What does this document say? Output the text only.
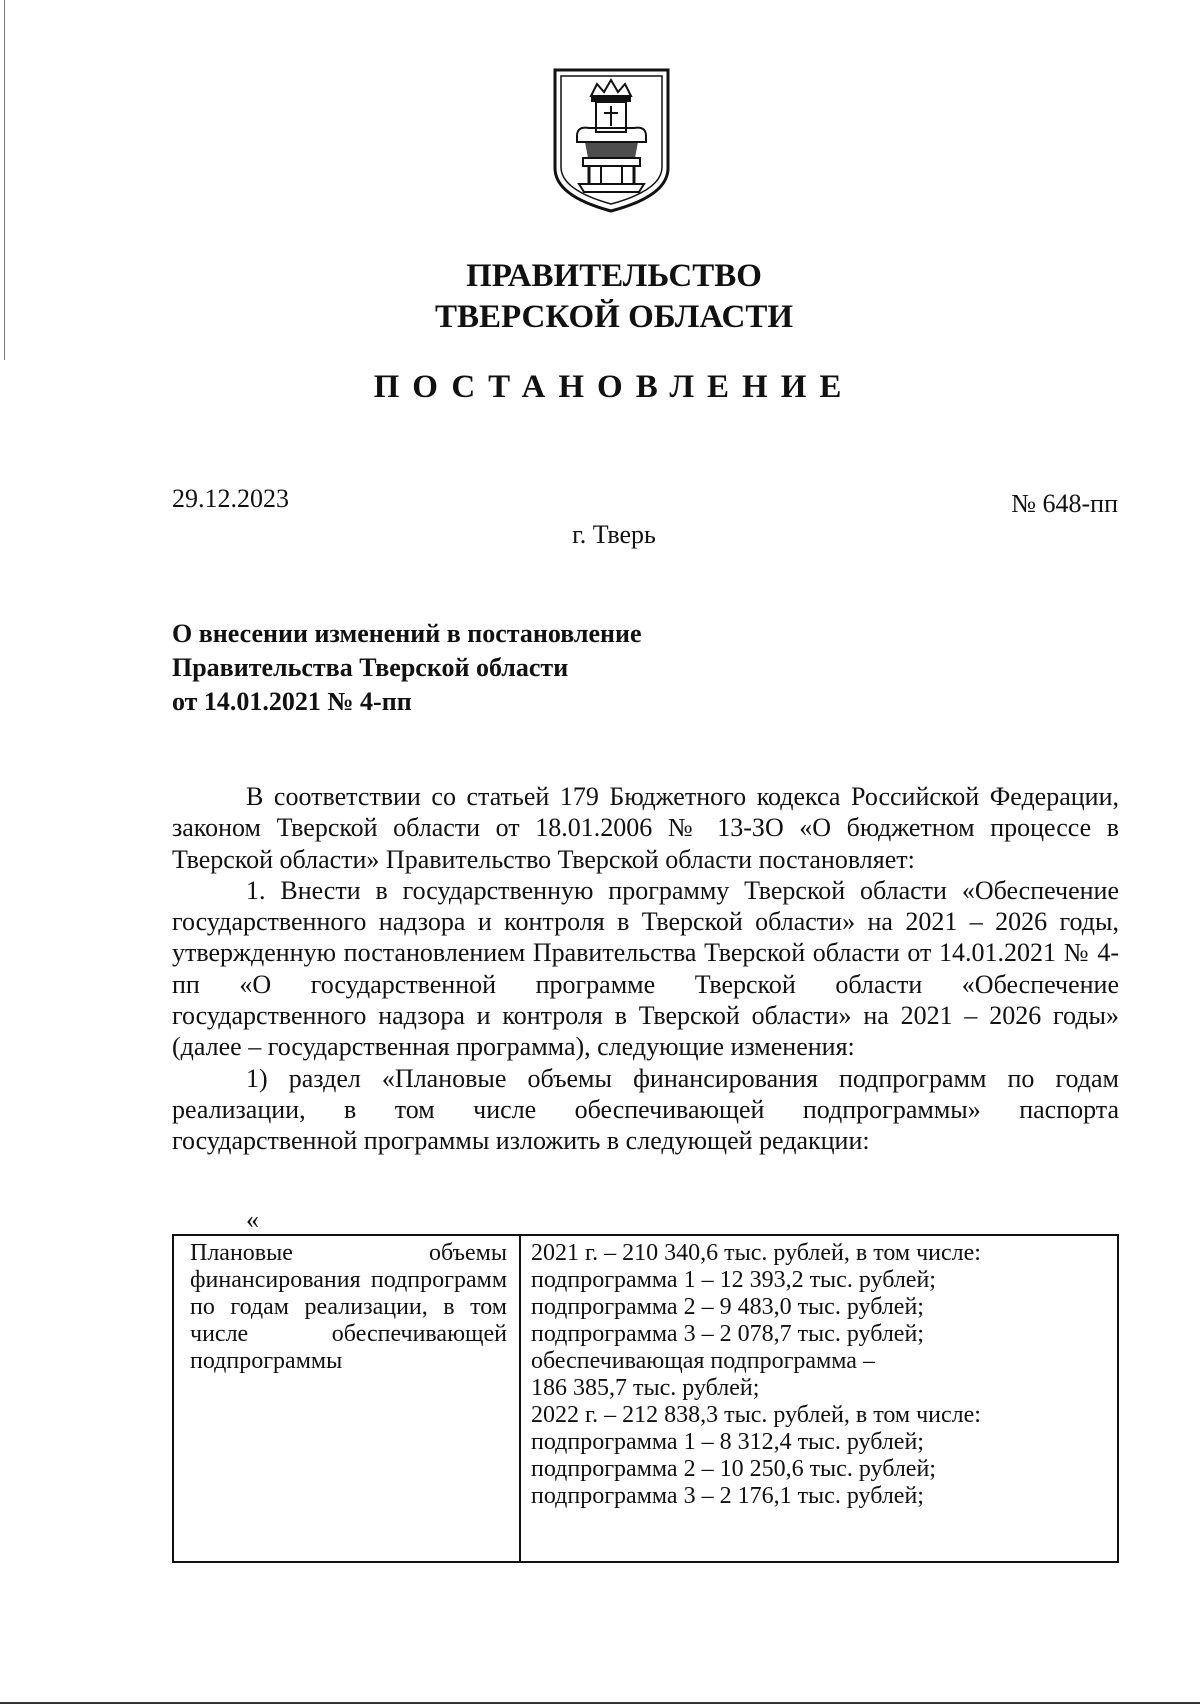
ПРАВИТЕЛЬСТВО
ТВЕРСКОЙ ОБЛАСТИ
ПОСТАНОВЛЕНИЕ
29.12.2023	№ 648-пп
г. Тверь
О внесении изменений в постановление
Правительства Тверской области
от 14.01.2021 № 4-пп

В соответствии со статьей 179 Бюджетного кодекса Российской Федерации, законом Тверской области от 18.01.2006 № 13-ЗО «О бюджетном процессе в Тверской области» Правительство Тверской области постановляет:

1. Внести в государственную программу Тверской области «Обеспечение государственного надзора и контроля в Тверской области» на 2021 – 2026 годы, утвержденную постановлением Правительства Тверской области от 14.01.2021 № 4-пп «О государственной программе Тверской области «Обеспечение государственного надзора и контроля в Тверской области» на 2021 – 2026 годы» (далее – государственная программа), следующие изменения:

1) раздел «Плановые объемы финансирования подпрограмм по годам реализации, в том числе обеспечивающей подпрограммы» паспорта государственной программы изложить в следующей редакции:

«
Плановые объемы финансирования подпрограмм по годам реализации, в том числе обеспечивающей подпрограммы
2021 г. – 210 340,6 тыс. рублей, в том числе:
подпрограмма 1 – 12 393,2 тыс. рублей;
подпрограмма 2 – 9 483,0 тыс. рублей;
подпрограмма 3 – 2 078,7 тыс. рублей;
обеспечивающая подпрограмма –
186 385,7 тыс. рублей;
2022 г. – 212 838,3 тыс. рублей, в том числе:
подпрограмма 1 – 8 312,4 тыс. рублей;
подпрограмма 2 – 10 250,6 тыс. рублей;
подпрограмма 3 – 2 176,1 тыс. рублей;
